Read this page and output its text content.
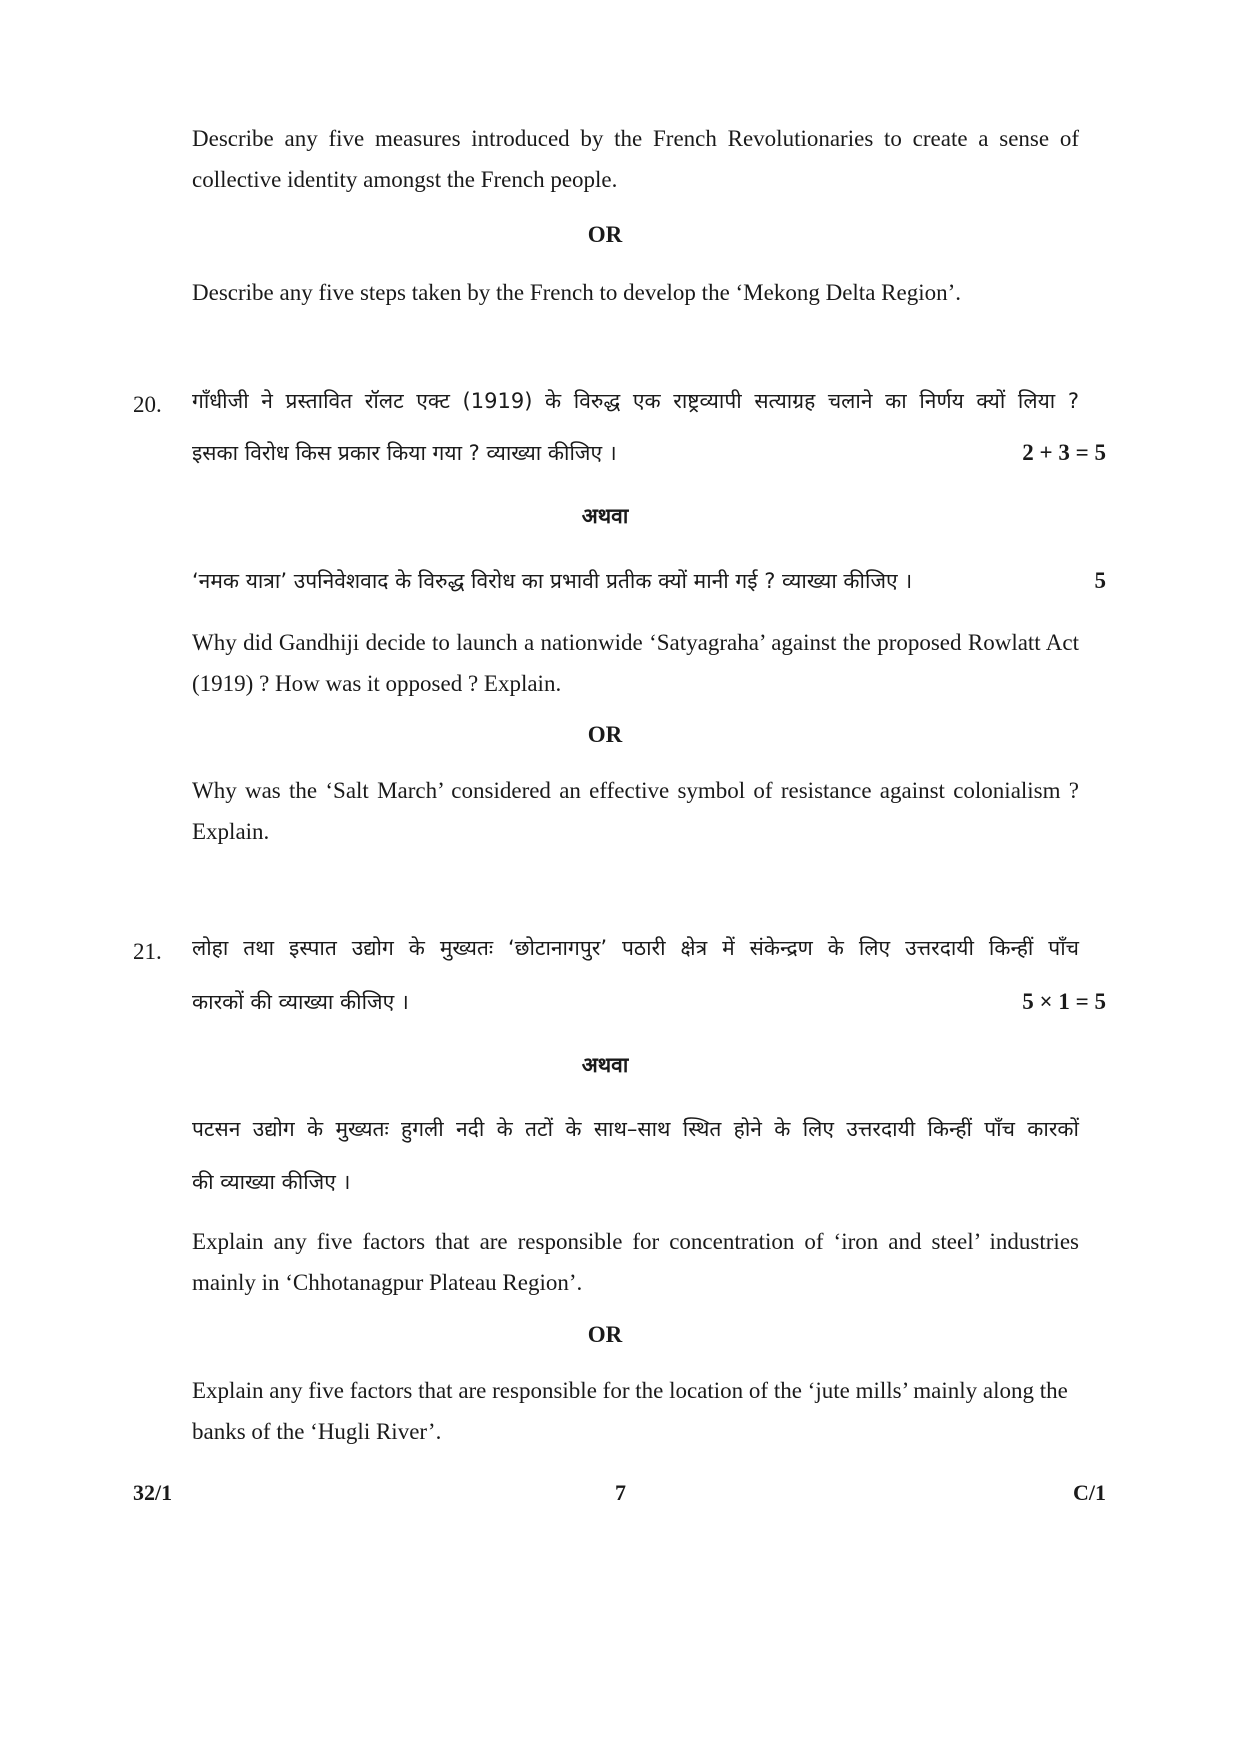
Describe any five measures introduced by the French Revolutionaries to create a sense of collective identity amongst the French people.

OR

Describe any five steps taken by the French to develop the ‘Mekong Delta Region’.

20. गाँधीजी ने प्रस्तावित रॉलट एक्ट (1919) के विरुद्ध एक राष्ट्रव्यापी सत्याग्रह चलाने का निर्णय क्यों लिया ?

इसका विरोध किस प्रकार किया गया ? व्याख्या कीजिए ।	2 + 3 = 5
अथवा

‘नमक यात्रा’ उपनिवेशवाद के विरुद्ध विरोध का प्रभावी प्रतीक क्यों मानी गई ? व्याख्या कीजिए ।	5

Why did Gandhiji decide to launch a nationwide ‘Satyagraha’ against the proposed Rowlatt Act (1919) ? How was it opposed ? Explain.

OR

Why was the ‘Salt March’ considered an effective symbol of resistance against colonialism ? Explain.

21. लोहा तथा इस्पात उद्योग के मुख्यतः ‘छोटानागपुर’ पठारी क्षेत्र में संकेन्द्रण के लिए उत्तरदायी किन्हीं पाँच

कारकों की व्याख्या कीजिए ।	5 × 1 = 5
अथवा

पटसन उद्योग के मुख्यतः हुगली नदी के तटों के साथ–साथ स्थित होने के लिए उत्तरदायी किन्हीं पाँच कारकों

की व्याख्या कीजिए ।

Explain any five factors that are responsible for concentration of ‘iron and steel’ industries mainly in ‘Chhotanagpur Plateau Region’.

OR

Explain any five factors that are responsible for the location of the ‘jute mills’ mainly along the banks of the ‘Hugli River’.

32/1	7	C/1
